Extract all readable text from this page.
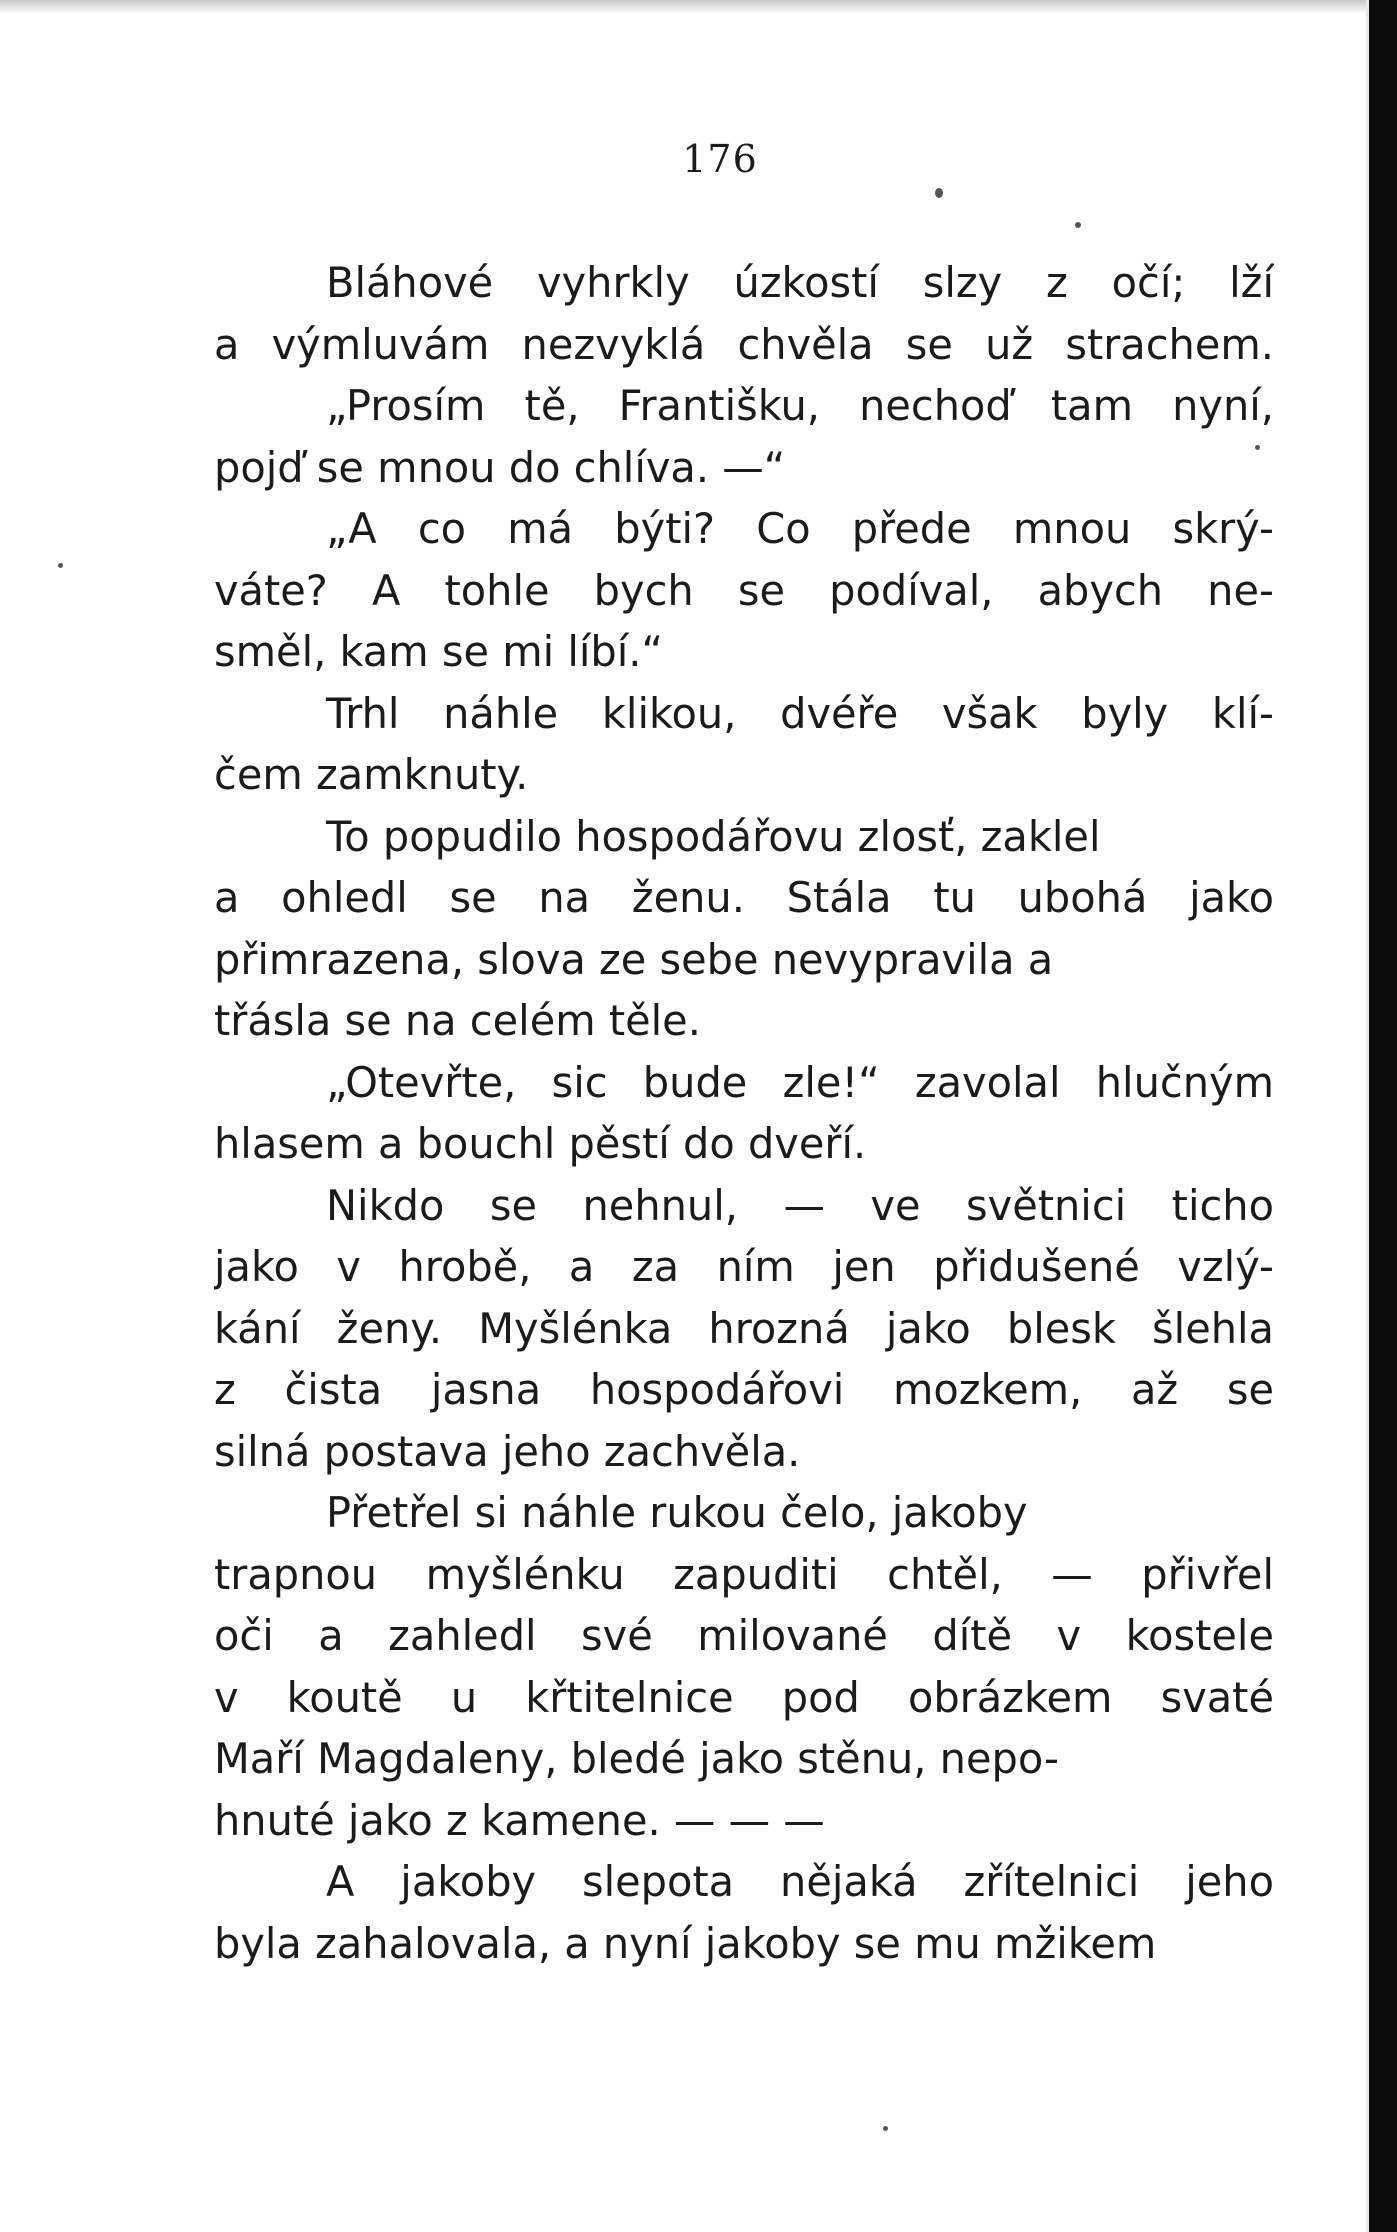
176
Bláhové vyhrkly úzkostí slzy z očí; lží
a výmluvám nezvyklá chvěla se už strachem.
„Prosím tě, Františku, nechoď tam nyní,
pojď se mnou do chlíva. —“
„A co má býti? Co přede mnou skrý-
váte? A tohle bych se podíval, abych ne-
směl, kam se mi líbí.“
Trhl náhle klikou, dvéře však byly klí-
čem zamknuty.
To popudilo hospodářovu zlosť, zaklel
a ohledl se na ženu. Stála tu ubohá jako
přimrazena, slova ze sebe nevypravila a
třásla se na celém těle.
„Otevřte, sic bude zle!“ zavolal hlučným
hlasem a bouchl pěstí do dveří.
Nikdo se nehnul, — ve světnici ticho
jako v hrobě, a za ním jen přidušené vzlý-
kání ženy. Myšlénka hrozná jako blesk šlehla
z čista jasna hospodářovi mozkem, až se
silná postava jeho zachvěla.
Přetřel si náhle rukou čelo, jakoby
trapnou myšlénku zapuditi chtěl, — přivřel
oči a zahledl své milované dítě v kostele
v koutě u křtitelnice pod obrázkem svaté
Maří Magdaleny, bledé jako stěnu, nepo-
hnuté jako z kamene. — — —
A jakoby slepota nějaká zřítelnici jeho
byla zahalovala, a nyní jakoby se mu mžikem
